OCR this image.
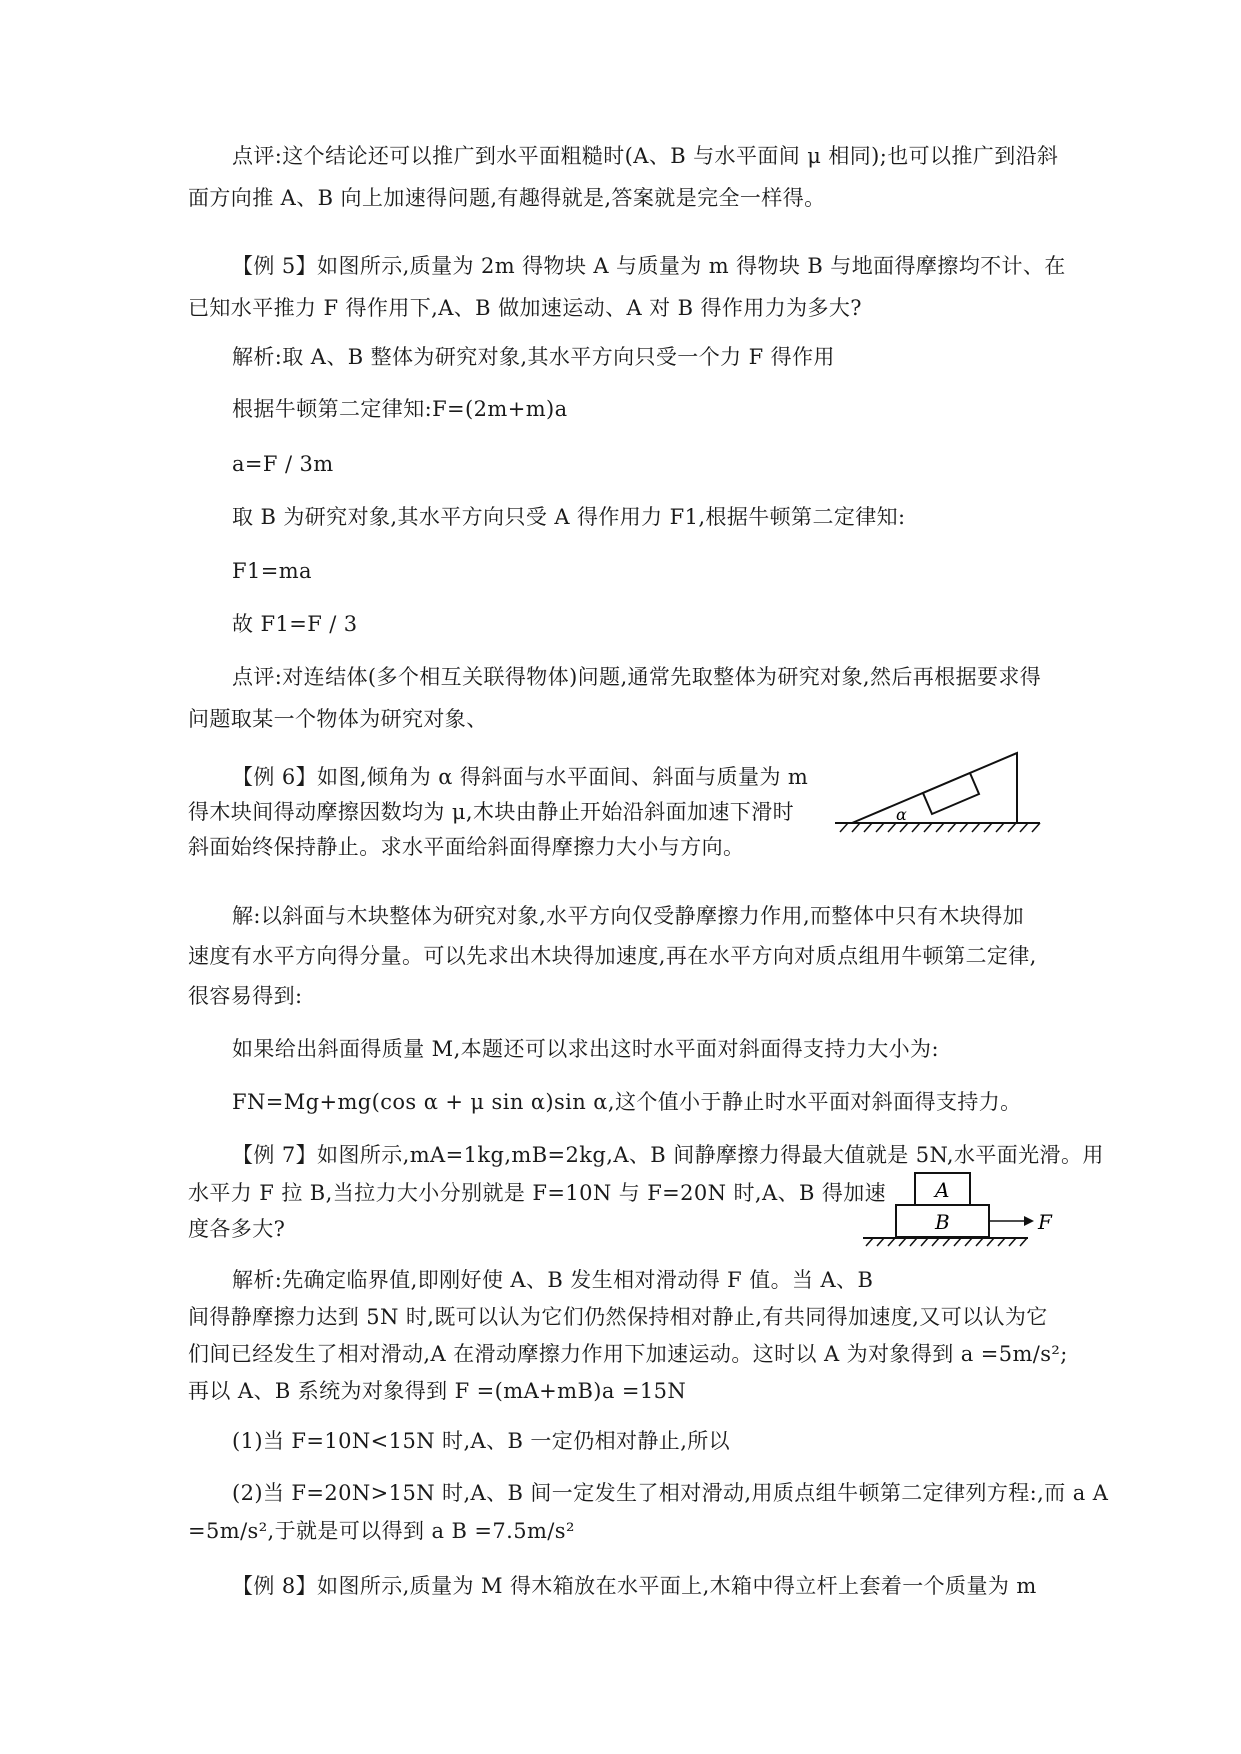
点评:这个结论还可以推广到水平面粗糙时(A、B 与水平面间 μ 相同);也可以推广到沿斜
面方向推 A、B 向上加速得问题,有趣得就是,答案就是完全一样得。
【例 5】如图所示,质量为 2m 得物块 A 与质量为 m 得物块 B 与地面得摩擦均不计、在
已知水平推力 F 得作用下,A、B 做加速运动、A 对 B 得作用力为多大?
解析:取 A、B 整体为研究对象,其水平方向只受一个力 F 得作用
根据牛顿第二定律知:F=(2m+m)a
a=F / 3m
取 B 为研究对象,其水平方向只受 A 得作用力 F1,根据牛顿第二定律知:
F1=ma
故 F1=F / 3
点评:对连结体(多个相互关联得物体)问题,通常先取整体为研究对象,然后再根据要求得
问题取某一个物体为研究对象、
【例 6】如图,倾角为 α 得斜面与水平面间、斜面与质量为 m
得木块间得动摩擦因数均为 μ,木块由静止开始沿斜面加速下滑时
斜面始终保持静止。求水平面给斜面得摩擦力大小与方向。
α
解:以斜面与木块整体为研究对象,水平方向仅受静摩擦力作用,而整体中只有木块得加
速度有水平方向得分量。可以先求出木块得加速度,再在水平方向对质点组用牛顿第二定律,
很容易得到:
如果给出斜面得质量 M,本题还可以求出这时水平面对斜面得支持力大小为:
FN=Mg+mg(cos α + μ sin α)sin α,这个值小于静止时水平面对斜面得支持力。
【例 7】如图所示,mA=1kg,mB=2kg,A、B 间静摩擦力得最大值就是 5N,水平面光滑。用
水平力 F 拉 B,当拉力大小分别就是 F=10N 与 F=20N 时,A、B 得加速
度各多大?
A
B	F
解析:先确定临界值,即刚好使 A、B 发生相对滑动得 F 值。当 A、B
间得静摩擦力达到 5N 时,既可以认为它们仍然保持相对静止,有共同得加速度,又可以认为它
们间已经发生了相对滑动,A 在滑动摩擦力作用下加速运动。这时以 A 为对象得到 a =5m/s²;
再以 A、B 系统为对象得到 F =(mA+mB)a =15N
(1)当 F=10N<15N 时,A、B 一定仍相对静止,所以
(2)当 F=20N>15N 时,A、B 间一定发生了相对滑动,用质点组牛顿第二定律列方程:,而 a A
=5m/s²,于就是可以得到 a B =7.5m/s²
【例 8】如图所示,质量为 M 得木箱放在水平面上,木箱中得立杆上套着一个质量为 m
